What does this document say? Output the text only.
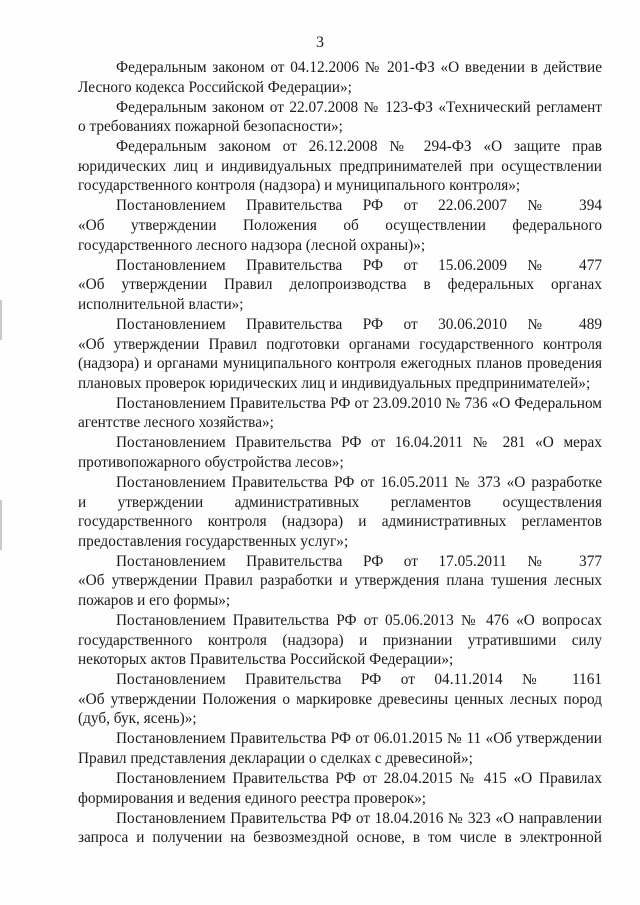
3
Федеральным законом от 04.12.2006 № 201-ФЗ «О введении в действие
Лесного кодекса Российской Федерации»;
Федеральным законом от 22.07.2008 № 123-ФЗ «Технический регламент
о требованиях пожарной безопасности»;
Федеральным законом от 26.12.2008 № 294-ФЗ «О защите прав
юридических лиц и индивидуальных предпринимателей при осуществлении
государственного контроля (надзора) и муниципального контроля»;
Постановлением Правительства РФ от 22.06.2007 № 394
«Об утверждении Положения об осуществлении федерального
государственного лесного надзора (лесной охраны)»;
Постановлением Правительства РФ от 15.06.2009 № 477
«Об утверждении Правил делопроизводства в федеральных органах
исполнительной власти»;
Постановлением Правительства РФ от 30.06.2010 № 489
«Об утверждении Правил подготовки органами государственного контроля
(надзора) и органами муниципального контроля ежегодных планов проведения
плановых проверок юридических лиц и индивидуальных предпринимателей»;
Постановлением Правительства РФ от 23.09.2010 № 736 «О Федеральном
агентстве лесного хозяйства»;
Постановлением Правительства РФ от 16.04.2011 № 281 «О мерах
противопожарного обустройства лесов»;
Постановлением Правительства РФ от 16.05.2011 № 373 «О разработке
и утверждении административных регламентов осуществления
государственного контроля (надзора) и административных регламентов
предоставления государственных услуг»;
Постановлением Правительства РФ от 17.05.2011 № 377
«Об утверждении Правил разработки и утверждения плана тушения лесных
пожаров и его формы»;
Постановлением Правительства РФ от 05.06.2013 № 476 «О вопросах
государственного контроля (надзора) и признании утратившими силу
некоторых актов Правительства Российской Федерации»;
Постановлением Правительства РФ от 04.11.2014 № 1161
«Об утверждении Положения о маркировке древесины ценных лесных пород
(дуб, бук, ясень)»;
Постановлением Правительства РФ от 06.01.2015 № 11 «Об утверждении
Правил представления декларации о сделках с древесиной»;
Постановлением Правительства РФ от 28.04.2015 № 415 «О Правилах
формирования и ведения единого реестра проверок»;
Постановлением Правительства РФ от 18.04.2016 № 323 «О направлении
запроса и получении на безвозмездной основе, в том числе в электронной
